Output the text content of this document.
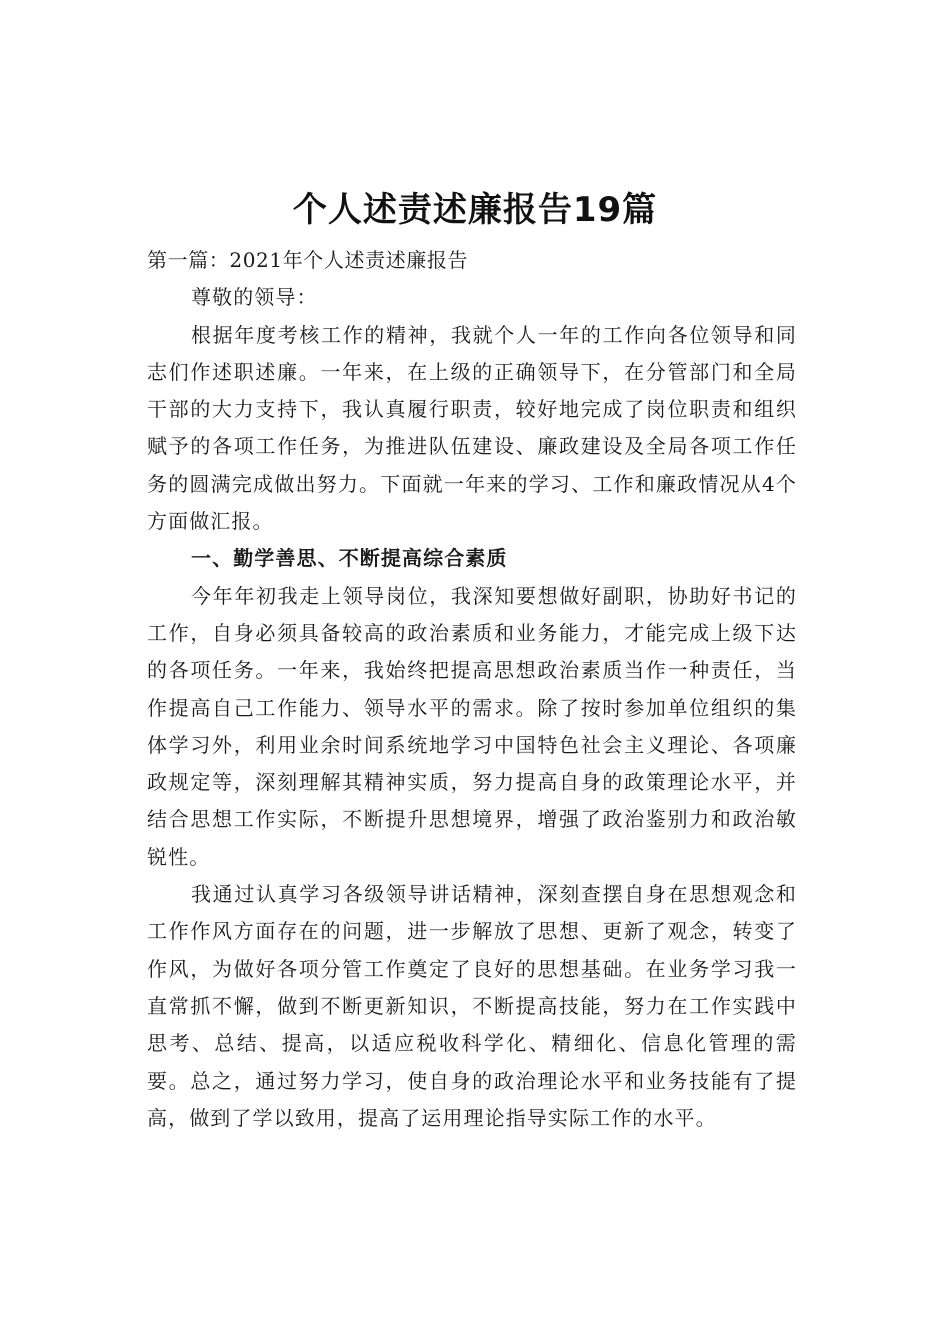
个人述责述廉报告19篇

第一篇：2021年个人述责述廉报告

尊敬的领导：

根据年度考核工作的精神，我就个人一年的工作向各位领导和同志们作述职述廉。一年来，在上级的正确领导下，在分管部门和全局干部的大力支持下，我认真履行职责，较好地完成了岗位职责和组织赋予的各项工作任务，为推进队伍建设、廉政建设及全局各项工作任务的圆满完成做出努力。下面就一年来的学习、工作和廉政情况从4个方面做汇报。

一、勤学善思、不断提高综合素质

今年年初我走上领导岗位，我深知要想做好副职，协助好书记的工作，自身必须具备较高的政治素质和业务能力，才能完成上级下达的各项任务。一年来，我始终把提高思想政治素质当作一种责任，当作提高自己工作能力、领导水平的需求。除了按时参加单位组织的集体学习外，利用业余时间系统地学习中国特色社会主义理论、各项廉政规定等，深刻理解其精神实质，努力提高自身的政策理论水平，并结合思想工作实际，不断提升思想境界，增强了政治鉴别力和政治敏锐性。

我通过认真学习各级领导讲话精神，深刻查摆自身在思想观念和工作作风方面存在的问题，进一步解放了思想、更新了观念，转变了作风，为做好各项分管工作奠定了良好的思想基础。在业务学习我一直常抓不懈，做到不断更新知识，不断提高技能，努力在工作实践中思考、总结、提高，以适应税收科学化、精细化、信息化管理的需要。总之，通过努力学习，使自身的政治理论水平和业务技能有了提高，做到了学以致用，提高了运用理论指导实际工作的水平。
